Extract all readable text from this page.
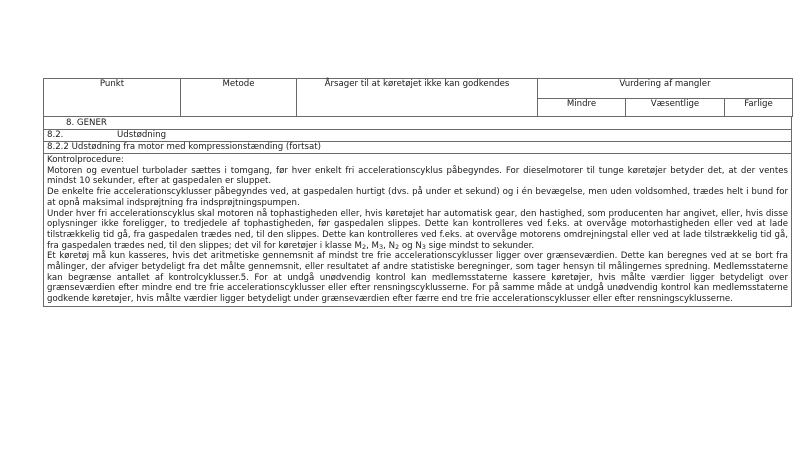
Punkt	Metode	Årsager til at køretøjet ikke kan godkendes	Vurdering af mangler		
			Mindre	Væsentlige	Farlige
8. GENER
8.2.	Udstødning
8.2.2 Udstødning fra motor med kompressionstænding (fortsat)

Kontrolprocedure:

Motoren og eventuel turbolader sættes i tomgang, før hver enkelt fri accelerationscyklus påbegyndes. For dieselmotorer til tunge køretøjer betyder det, at der ventes mindst 10 sekunder, efter at gaspedalen er sluppet.

De enkelte frie accelerationscyklusser påbegyndes ved, at gaspedalen hurtigt (dvs. på under et sekund) og i én bevægelse, men uden voldsomhed, trædes helt i bund for at opnå maksimal indsprøjtning fra indsprøjtningspumpen.

Under hver fri accelerationscyklus skal motoren nå tophastigheden eller, hvis køretøjet har automatisk gear, den hastighed, som producenten har angivet, eller, hvis disse oplysninger ikke foreligger, to tredjedele af tophastigheden, før gaspedalen slippes. Dette kan kontrolleres ved f.eks. at overvåge motorhastigheden eller ved at lade tilstrækkelig tid gå, fra gaspedalen trædes ned, til den slippes. Dette kan kontrolleres ved f.eks. at overvåge motorens omdrejningstal eller ved at lade tilstrækkelig tid gå, fra gaspedalen trædes ned, til den slippes; det vil for køretøjer i klasse $M_2$, $M_3$, $N_2$ og $N_3$ sige mindst to sekunder.

Et køretøj må kun kasseres, hvis det aritmetiske gennemsnit af mindst tre frie accelerationscyklusser ligger over grænseværdien. Dette kan beregnes ved at se bort fra målinger, der afviger betydeligt fra det målte gennemsnit, eller resultatet af andre statistiske beregninger, som tager hensyn til målingernes spredning. Medlemsstaterne kan begrænse antallet af kontrolcyklusser.5. For at undgå unødvendig kontrol kan medlemsstaterne kassere køretøjer, hvis målte værdier ligger betydeligt over grænseværdien efter mindre end tre frie accelerationscyklusser eller efter rensningscyklusserne. For på samme måde at undgå unødvendig kontrol kan medlemsstaterne godkende køretøjer, hvis målte værdier ligger betydeligt under grænseværdien efter færre end tre frie accelerationscyklusser eller efter rensningscyklusserne.
